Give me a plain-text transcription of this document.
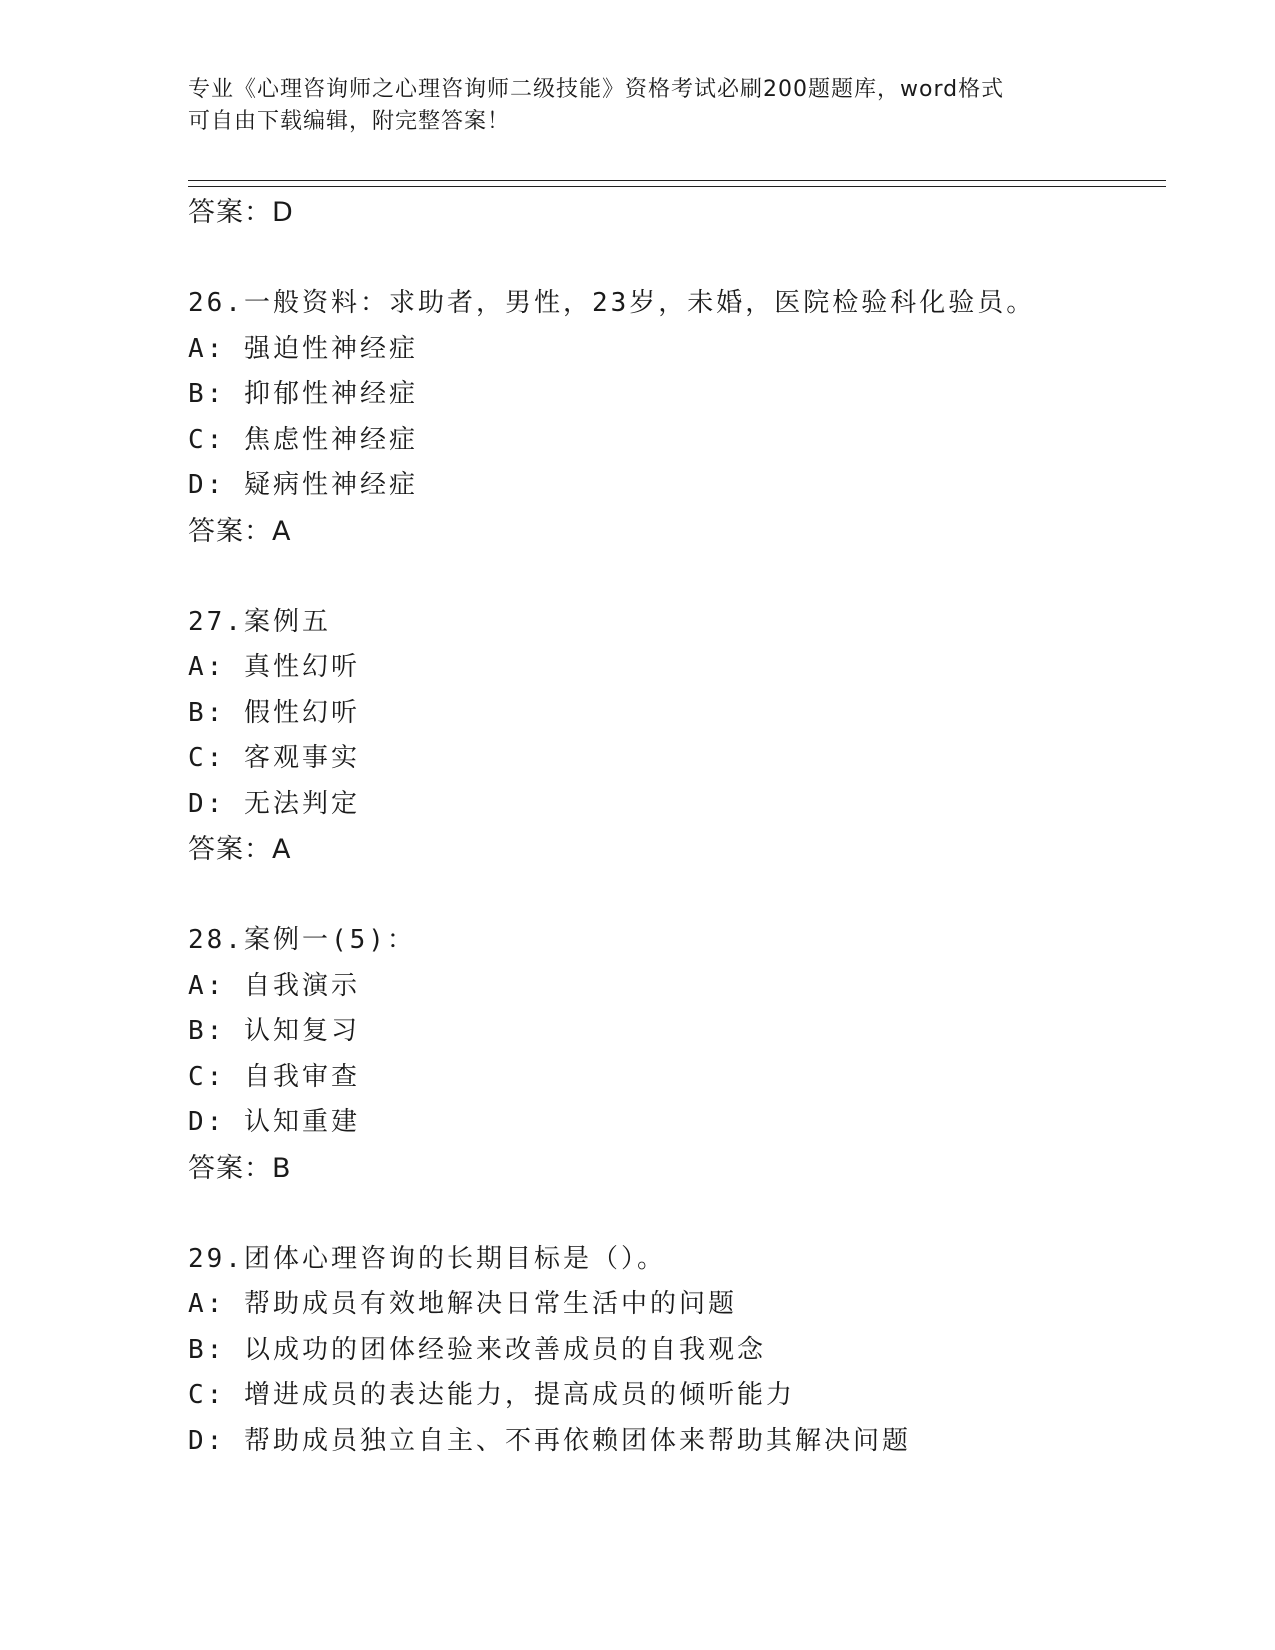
专业《心理咨询师之心理咨询师二级技能》资格考试必刷200题题库，word格式
可自由下载编辑，附完整答案！
答案：D
26.一般资料：求助者，男性，23岁，未婚，医院检验科化验员。
A: 强迫性神经症
B: 抑郁性神经症
C: 焦虑性神经症
D: 疑病性神经症
答案：A
27.案例五
A: 真性幻听
B: 假性幻听
C: 客观事实
D: 无法判定
答案：A
28.案例一(5)：
A: 自我演示
B: 认知复习
C: 自我审查
D: 认知重建
答案：B
29.团体心理咨询的长期目标是（）。
A: 帮助成员有效地解决日常生活中的问题
B: 以成功的团体经验来改善成员的自我观念
C: 增进成员的表达能力，提高成员的倾听能力
D: 帮助成员独立自主、不再依赖团体来帮助其解决问题
